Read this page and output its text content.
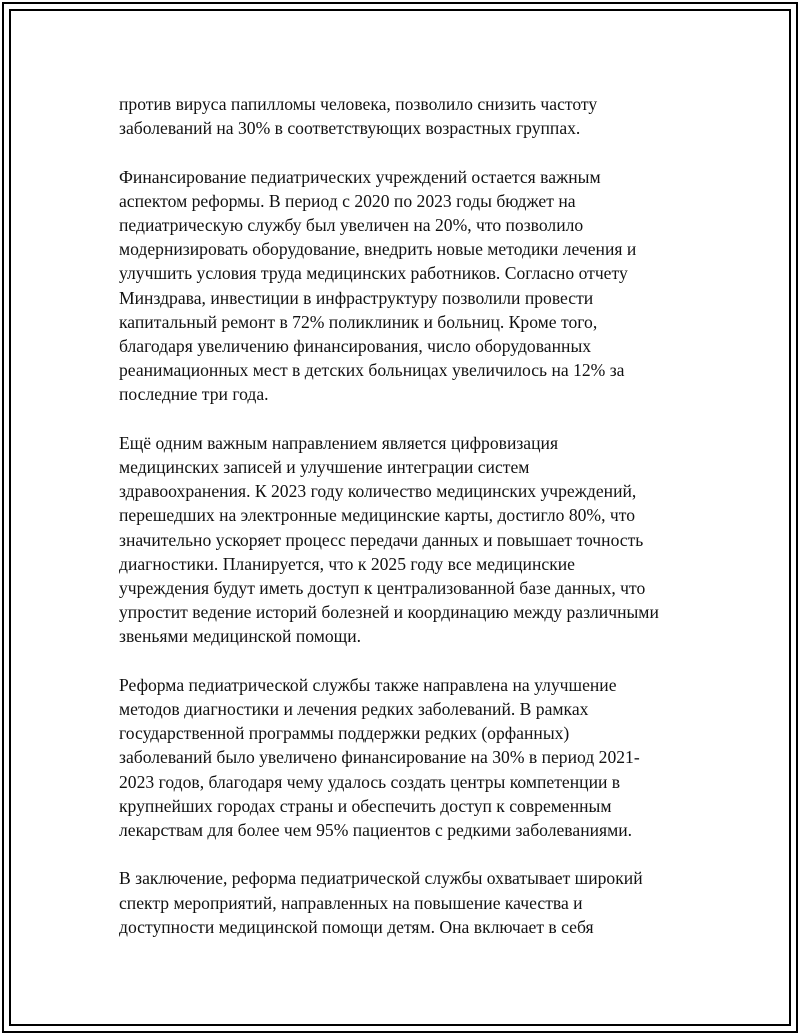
против вируса папилломы человека, позволило снизить частоту
заболеваний на 30% в соответствующих возрастных группах.
Финансирование педиатрических учреждений остается важным
аспектом реформы. В период с 2020 по 2023 годы бюджет на
педиатрическую службу был увеличен на 20%, что позволило
модернизировать оборудование, внедрить новые методики лечения и
улучшить условия труда медицинских работников. Согласно отчету
Минздрава, инвестиции в инфраструктуру позволили провести
капитальный ремонт в 72% поликлиник и больниц. Кроме того,
благодаря увеличению финансирования, число оборудованных
реанимационных мест в детских больницах увеличилось на 12% за
последние три года.
Ещё одним важным направлением является цифровизация
медицинских записей и улучшение интеграции систем
здравоохранения. К 2023 году количество медицинских учреждений,
перешедших на электронные медицинские карты, достигло 80%, что
значительно ускоряет процесс передачи данных и повышает точность
диагностики. Планируется, что к 2025 году все медицинские
учреждения будут иметь доступ к централизованной базе данных, что
упростит ведение историй болезней и координацию между различными
звеньями медицинской помощи.
Реформа педиатрической службы также направлена на улучшение
методов диагностики и лечения редких заболеваний. В рамках
государственной программы поддержки редких (орфанных)
заболеваний было увеличено финансирование на 30% в период 2021-
2023 годов, благодаря чему удалось создать центры компетенции в
крупнейших городах страны и обеспечить доступ к современным
лекарствам для более чем 95% пациентов с редкими заболеваниями.
В заключение, реформа педиатрической службы охватывает широкий
спектр мероприятий, направленных на повышение качества и
доступности медицинской помощи детям. Она включает в себя
